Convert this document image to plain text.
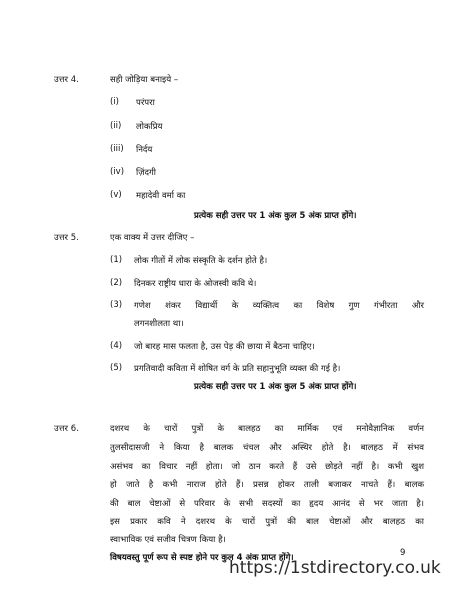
उत्तर 4.	सही जोड़िया बनाइये –
(i) परंपरा
(ii) लोकप्रिय
(iii) निर्दय
(iv) ज़िंदगी
(v) महादेवी वर्मा का
प्रत्येक सही उत्तर पर 1 अंक कुल 5 अंक प्राप्त होंगे।
उत्तर 5.	एक वाक्य में उत्तर दीजिए –
(1) लोक गीतों में लोक संस्कृति के दर्शन होते है।
(2) दिनकर राष्ट्रीय धारा के ओजस्वी कवि थे।
(3) गणेश शंकर विद्यार्थी के व्यक्तित्व का विशेष गुण गंभीरता और
लगनशीलता था।
(4) जो बारह मास फलता है, उस पेड़ की छाया में बैठना चाहिए।
(5) प्रगतिवादी कविता में शोषित वर्ग के प्रति सहानुभूति व्यक्त की गई है।
प्रत्येक सही उत्तर पर 1 अंक कुल 5 अंक प्राप्त होंगे।
उत्तर 6.	दशरथ के चारों पुत्रों के बालहठ का मार्मिक एवं मनोवैज्ञानिक वर्णन
तुलसीदासजी ने किया है बालक चंचल और अस्थिर होते है। बालहठ में संभव
असंभव का विचार नहीं होता। जो ठान करते हैं उसे छोड़ते नहीं है। कभी खुश
हो जाते है कभी नाराज होते हैं। प्रसन्न होकर ताली बजाकर नाचते हैं। बालक
की बाल चेष्टाओं से परिवार के सभी सदस्यों का हृदय आनंद से भर जाता है।
इस प्रकार कवि ने दशरथ के चारों पुत्रों की बाल चेष्टाओं और बालहठ का
स्वाभाविक एवं सजीव चित्रण किया है।
विषयवस्तु पूर्ण रूप से स्पष्ट होने पर कुल 4 अंक प्राप्त होंगे।	9
https://1stdirectory.co.uk
